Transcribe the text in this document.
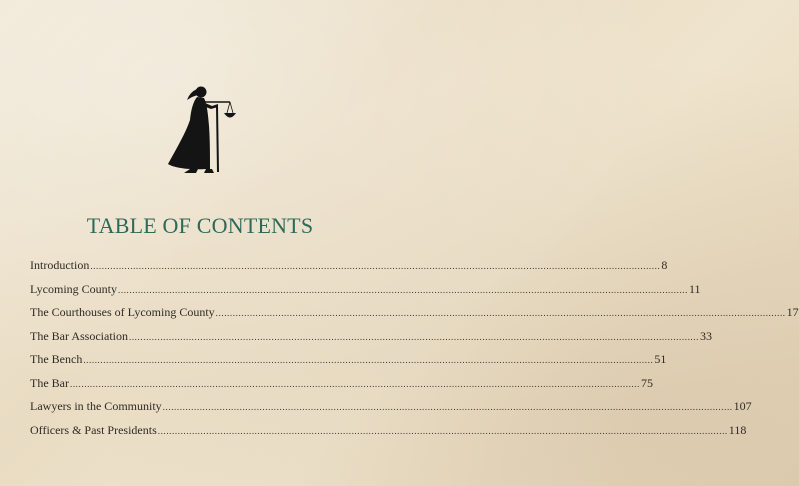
TABLE OF CONTENTS
Introduction ........................................................................................................................................................................................................ 8
Lycoming County ........................................................................................................................................................................................................ 11
The Courthouses of Lycoming County ........................................................................................................................................................................................................ 17
The Bar Association ........................................................................................................................................................................................................ 33
The Bench ........................................................................................................................................................................................................ 51
The Bar ........................................................................................................................................................................................................ 75
Lawyers in the Community ........................................................................................................................................................................................................ 107
Officers & Past Presidents ........................................................................................................................................................................................................ 118
